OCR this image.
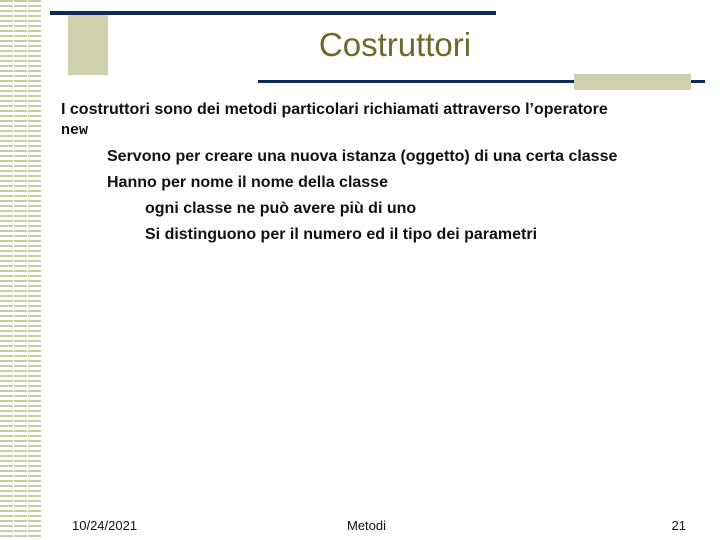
Costruttori

I costruttori sono dei metodi particolari richiamati attraverso l’operatore

new

Servono per creare una nuova istanza (oggetto) di una certa classe

Hanno per nome il nome della classe

ogni classe ne può avere più di uno

Si distinguono per il numero ed il tipo dei parametri

10/24/2021	Metodi	21
